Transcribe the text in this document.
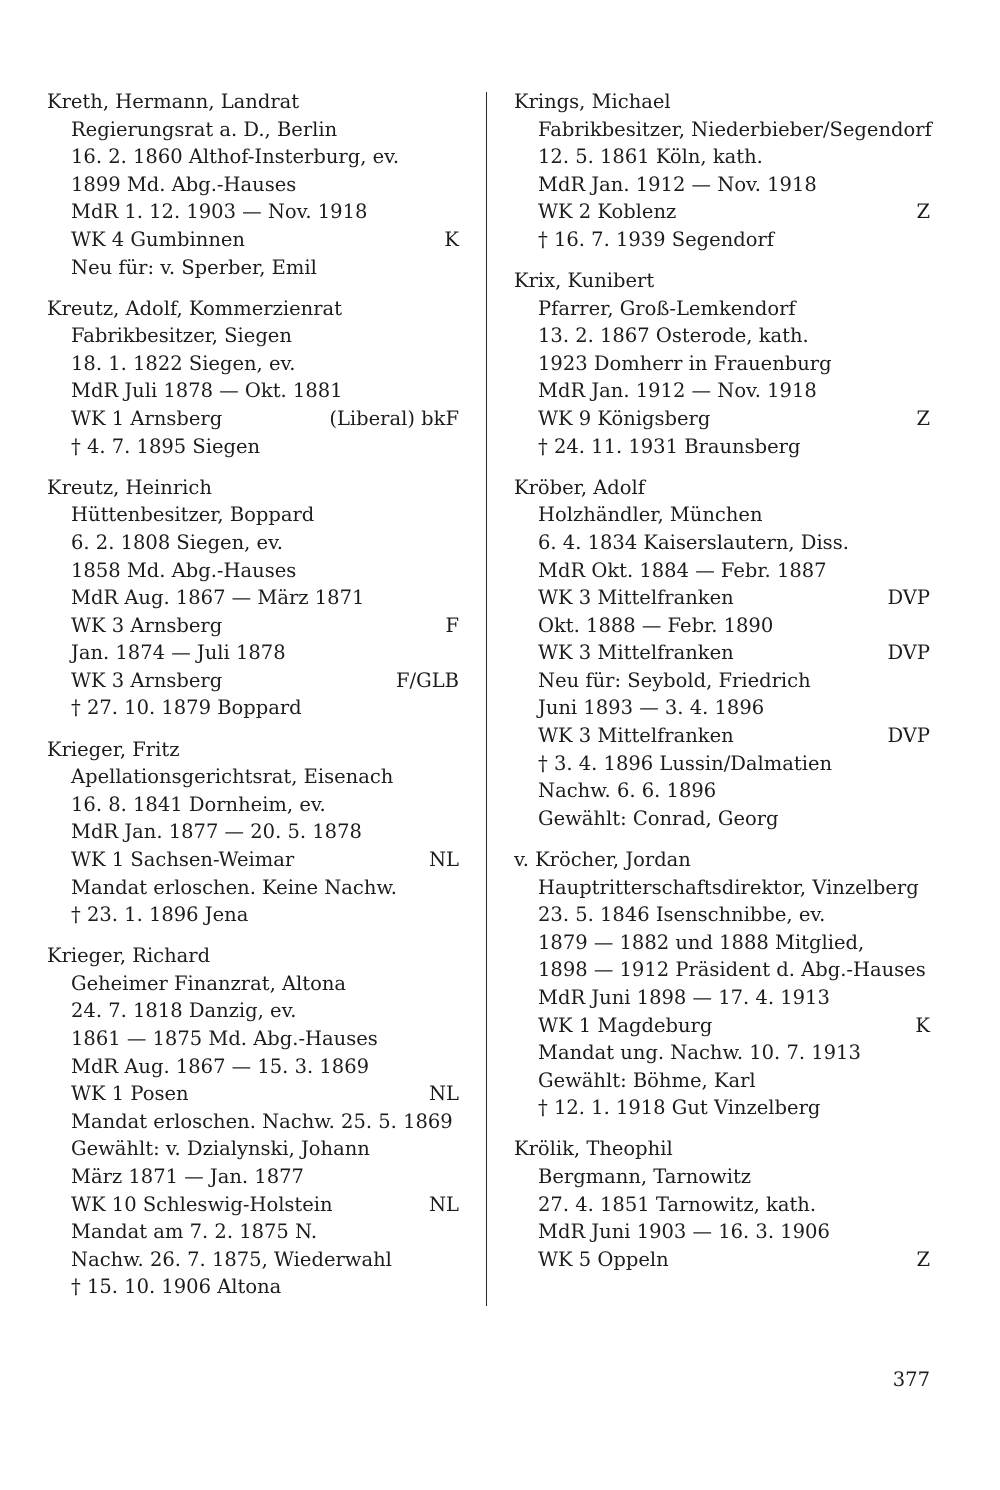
Kreth, Hermann, Landrat
Regierungsrat a. D., Berlin
16. 2. 1860 Althof-Insterburg, ev.
1899 Md. Abg.-Hauses
MdR 1. 12. 1903 — Nov. 1918
WK 4 Gumbinnen	K
Neu für: v. Sperber, Emil
Kreutz, Adolf, Kommerzienrat
Fabrikbesitzer, Siegen
18. 1. 1822 Siegen, ev.
MdR Juli 1878 — Okt. 1881
WK 1 Arnsberg	(Liberal) bkF
† 4. 7. 1895 Siegen
Kreutz, Heinrich
Hüttenbesitzer, Boppard
6. 2. 1808 Siegen, ev.
1858 Md. Abg.-Hauses
MdR Aug. 1867 — März 1871
WK 3 Arnsberg	F
Jan. 1874 — Juli 1878
WK 3 Arnsberg	F/GLB
† 27. 10. 1879 Boppard
Krieger, Fritz
Apellationsgerichtsrat, Eisenach
16. 8. 1841 Dornheim, ev.
MdR Jan. 1877 — 20. 5. 1878
WK 1 Sachsen-Weimar	NL
Mandat erloschen. Keine Nachw.
† 23. 1. 1896 Jena
Krieger, Richard
Geheimer Finanzrat, Altona
24. 7. 1818 Danzig, ev.
1861 — 1875 Md. Abg.-Hauses
MdR Aug. 1867 — 15. 3. 1869
WK 1 Posen	NL
Mandat erloschen. Nachw. 25. 5. 1869
Gewählt: v. Dzialynski, Johann
März 1871 — Jan. 1877
WK 10 Schleswig-Holstein	NL
Mandat am 7. 2. 1875 N.
Nachw. 26. 7. 1875, Wiederwahl
† 15. 10. 1906 Altona
Krings, Michael
Fabrikbesitzer, Niederbieber/Segendorf
12. 5. 1861 Köln, kath.
MdR Jan. 1912 — Nov. 1918
WK 2 Koblenz	Z
† 16. 7. 1939 Segendorf
Krix, Kunibert
Pfarrer, Groß-Lemkendorf
13. 2. 1867 Osterode, kath.
1923 Domherr in Frauenburg
MdR Jan. 1912 — Nov. 1918
WK 9 Königsberg	Z
† 24. 11. 1931 Braunsberg
Kröber, Adolf
Holzhändler, München
6. 4. 1834 Kaiserslautern, Diss.
MdR Okt. 1884 — Febr. 1887
WK 3 Mittelfranken	DVP
Okt. 1888 — Febr. 1890
WK 3 Mittelfranken	DVP
Neu für: Seybold, Friedrich
Juni 1893 — 3. 4. 1896
WK 3 Mittelfranken	DVP
† 3. 4. 1896 Lussin/Dalmatien
Nachw. 6. 6. 1896
Gewählt: Conrad, Georg
v. Kröcher, Jordan
Hauptritterschaftsdirektor, Vinzelberg
23. 5. 1846 Isenschnibbe, ev.
1879 — 1882 und 1888 Mitglied,
1898 — 1912 Präsident d. Abg.-Hauses
MdR Juni 1898 — 17. 4. 1913
WK 1 Magdeburg	K
Mandat ung. Nachw. 10. 7. 1913
Gewählt: Böhme, Karl
† 12. 1. 1918 Gut Vinzelberg
Krölik, Theophil
Bergmann, Tarnowitz
27. 4. 1851 Tarnowitz, kath.
MdR Juni 1903 — 16. 3. 1906
WK 5 Oppeln	Z
377
